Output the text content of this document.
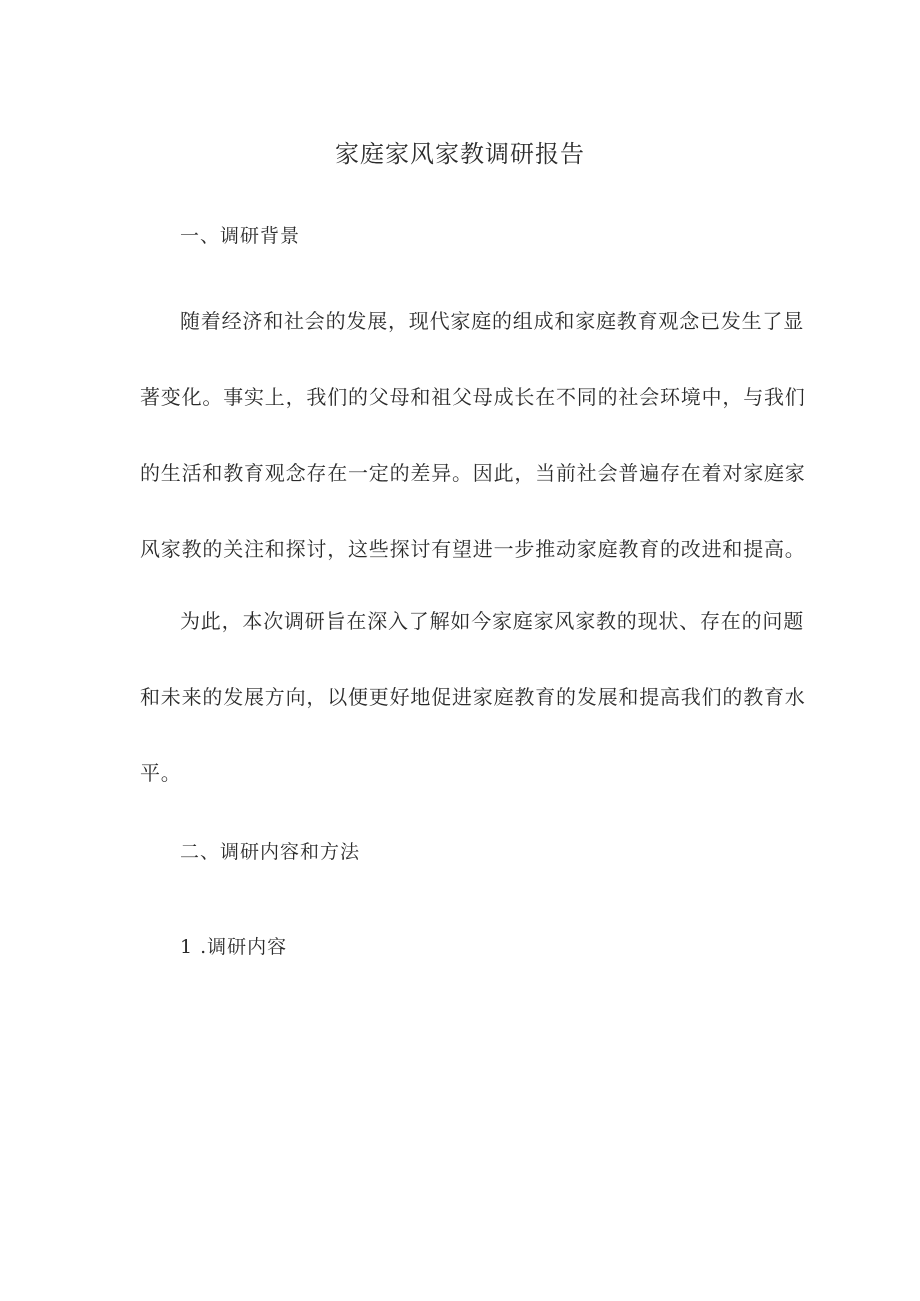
家庭家风家教调研报告
一、调研背景

随着经济和社会的发展，现代家庭的组成和家庭教育观念已发生了显
著变化。事实上，我们的父母和祖父母成长在不同的社会环境中，与我们
的生活和教育观念存在一定的差异。因此，当前社会普遍存在着对家庭家
风家教的关注和探讨，这些探讨有望进一步推动家庭教育的改进和提高。

为此，本次调研旨在深入了解如今家庭家风家教的现状、存在的问题
和未来的发展方向，以便更好地促进家庭教育的发展和提高我们的教育水
平。

二、调研内容和方法
1 .调研内容
